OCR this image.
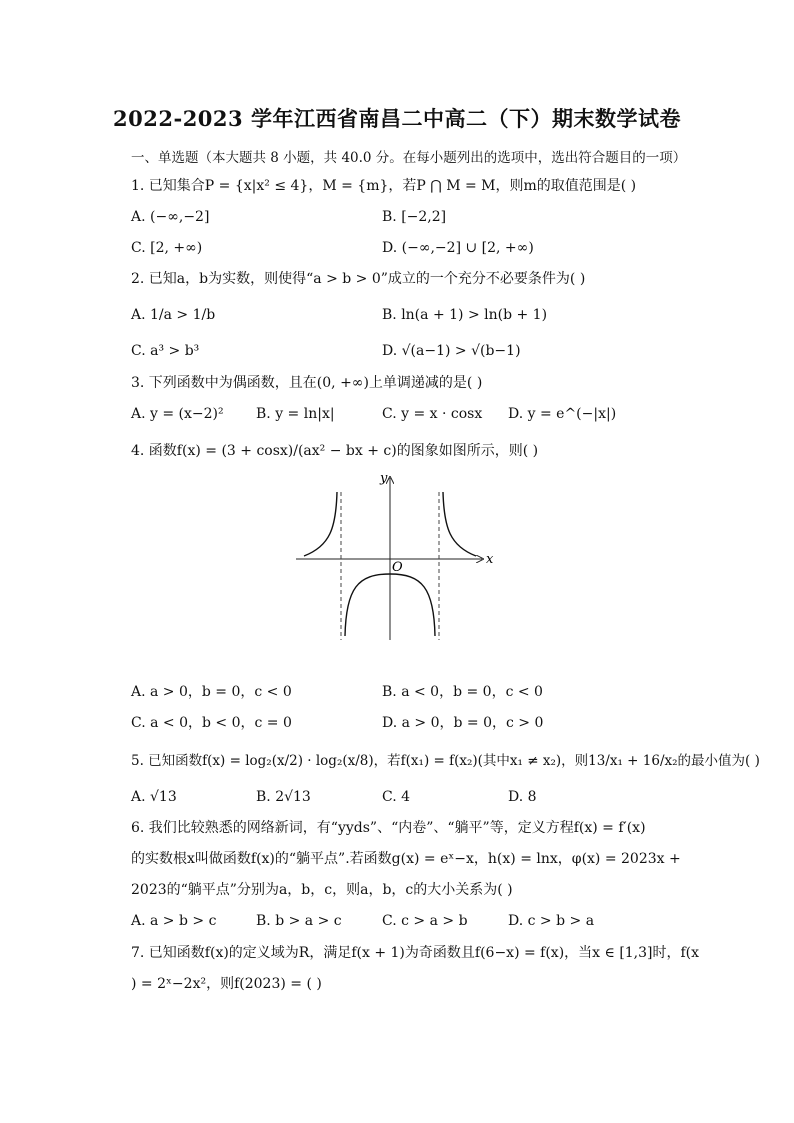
2022-2023 学年江西省南昌二中高二（下）期末数学试卷
一、单选题（本大题共 8 小题，共 40.0 分。在每小题列出的选项中，选出符合题目的一项）
1. 已知集合P = {x|x² ≤ 4}，M = {m}，若P ⋂ M = M，则m的取值范围是( )
A. (−∞,−2]	B. [−2,2]
C. [2, +∞)	D. (−∞,−2] ∪ [2, +∞)
2. 已知a，b为实数，则使得“a > b > 0”成立的一个充分不必要条件为( )
A. 1/a > 1/b	B. ln(a + 1) > ln(b + 1)
C. a³ > b³	D. √(a−1) > √(b−1)
3. 下列函数中为偶函数，且在(0, +∞)上单调递减的是( )
A. y = (x−2)² B. y = ln|x|	C. y = x · cosx D. y = e^(−|x|)
4. 函数f(x) = (3 + cosx)/(ax² − bx + c)的图象如图所示，则( )
x
y
O
A. a > 0，b = 0，c < 0	B. a < 0，b = 0，c < 0
C. a < 0，b < 0，c = 0	D. a > 0，b = 0，c > 0
5. 已知函数f(x) = log₂(x/2) · log₂(x/8)，若f(x₁) = f(x₂)(其中x₁ ≠ x₂)，则13/x₁ + 16/x₂的最小值为( )
A. √13	B. 2√13	C. 4	D. 8
6. 我们比较熟悉的网络新词，有“yyds”、“内卷”、“躺平”等，定义方程f(x) = f′(x)
的实数根x叫做函数f(x)的“躺平点”.若函数g(x) = eˣ−x，h(x) = lnx，φ(x) = 2023x +
2023的“躺平点”分别为a，b，c，则a，b，c的大小关系为( )
A. a > b > c	B. b > a > c	C. c > a > b	D. c > b > a
7. 已知函数f(x)的定义域为R，满足f(x + 1)为奇函数且f(6−x) = f(x)，当x ∈ [1,3]时，f(x
) = 2ˣ−2x²，则f(2023) = ( )
